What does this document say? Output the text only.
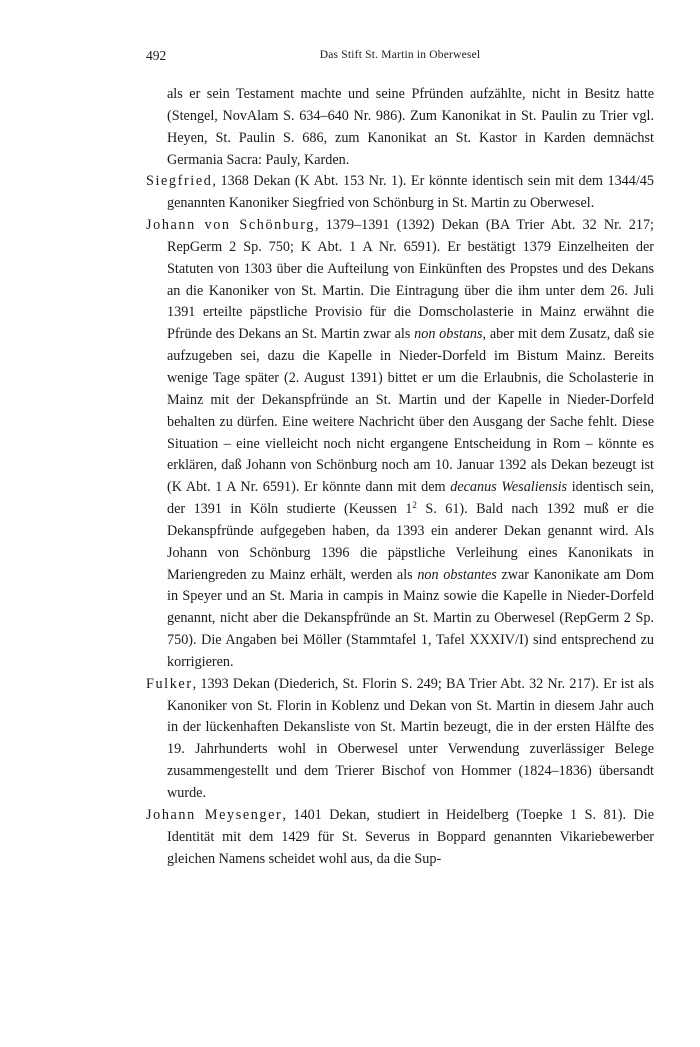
492	Das Stift St. Martin in Oberwesel

als er sein Testament machte und seine Pfründen aufzählte, nicht in Besitz hatte (Stengel, NovAlam S. 634–640 Nr. 986). Zum Kanonikat in St. Paulin zu Trier vgl. Heyen, St. Paulin S. 686, zum Kanonikat an St. Kastor in Karden demnächst Germania Sacra: Pauly, Karden.

Siegfried, 1368 Dekan (K Abt. 153 Nr. 1). Er könnte identisch sein mit dem 1344/45 genannten Kanoniker Siegfried von Schönburg in St. Martin zu Oberwesel.

Johann von Schönburg, 1379–1391 (1392) Dekan (BA Trier Abt. 32 Nr. 217; RepGerm 2 Sp. 750; K Abt. 1 A Nr. 6591). Er bestätigt 1379 Einzelheiten der Statuten von 1303 über die Aufteilung von Einkünften des Propstes und des Dekans an die Kanoniker von St. Martin. Die Eintragung über die ihm unter dem 26. Juli 1391 erteilte päpstliche Provisio für die Domscholasterie in Mainz erwähnt die Pfründe des Dekans an St. Martin zwar als non obstans, aber mit dem Zusatz, daß sie aufzugeben sei, dazu die Kapelle in Nieder-Dorfeld im Bistum Mainz. Bereits wenige Tage später (2. August 1391) bittet er um die Erlaubnis, die Scholasterie in Mainz mit der Dekanspfründe an St. Martin und der Kapelle in Nieder-Dorfeld behalten zu dürfen. Eine weitere Nachricht über den Ausgang der Sache fehlt. Diese Situation – eine vielleicht noch nicht ergangene Entscheidung in Rom – könnte es erklären, daß Johann von Schönburg noch am 10. Januar 1392 als Dekan bezeugt ist (K Abt. 1 A Nr. 6591). Er könnte dann mit dem decanus Wesaliensis identisch sein, der 1391 in Köln studierte (Keussen $1^2$ S. 61). Bald nach 1392 muß er die Dekanspfründe aufgegeben haben, da 1393 ein anderer Dekan genannt wird. Als Johann von Schönburg 1396 die päpstliche Verleihung eines Kanonikats in Mariengreden zu Mainz erhält, werden als non obstantes zwar Kanonikate am Dom in Speyer und an St. Maria in campis in Mainz sowie die Kapelle in Nieder-Dorfeld genannt, nicht aber die Dekanspfründe an St. Martin zu Oberwesel (RepGerm 2 Sp. 750). Die Angaben bei Möller (Stammtafel 1, Tafel XXXIV/I) sind entsprechend zu korrigieren.

Fulker, 1393 Dekan (Diederich, St. Florin S. 249; BA Trier Abt. 32 Nr. 217). Er ist als Kanoniker von St. Florin in Koblenz und Dekan von St. Martin in diesem Jahr auch in der lückenhaften Dekansliste von St. Martin bezeugt, die in der ersten Hälfte des 19. Jahrhunderts wohl in Oberwesel unter Verwendung zuverlässiger Belege zusammengestellt und dem Trierer Bischof von Hommer (1824–1836) übersandt wurde.

Johann Meysenger, 1401 Dekan, studiert in Heidelberg (Toepke 1 S. 81). Die Identität mit dem 1429 für St. Severus in Boppard genannten Vikariebewerber gleichen Namens scheidet wohl aus, da die Sup-
